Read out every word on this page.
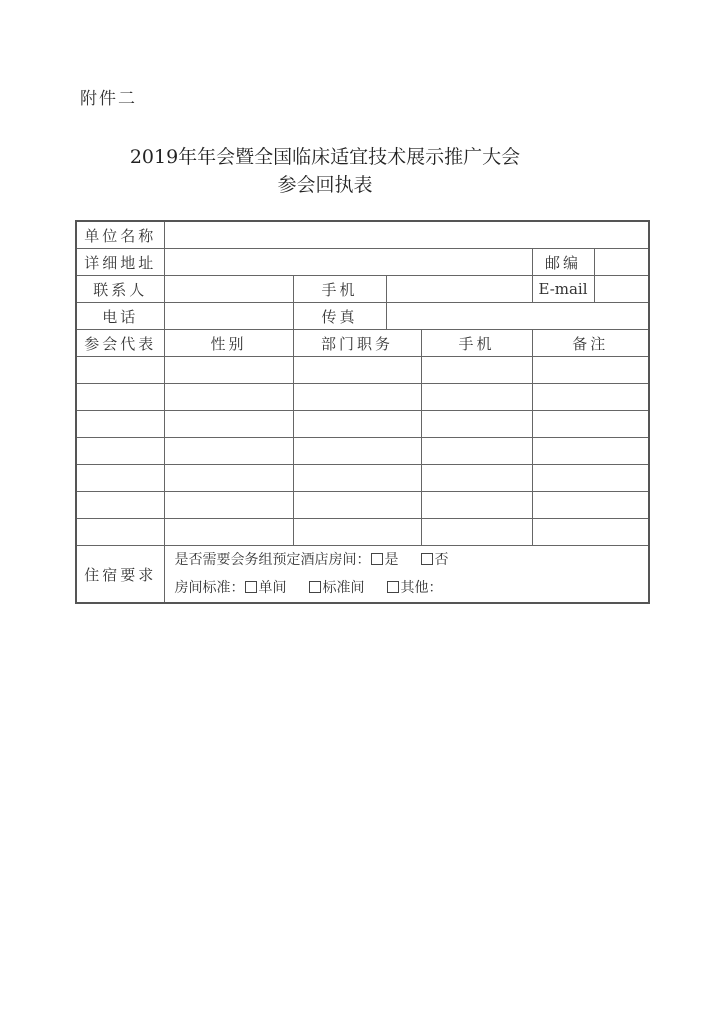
附件二
2019年年会暨全国临床适宜技术展示推广大会
参会回执表
单位名称						
详细地址					邮编	
联系人		手机			E-mail	
电话		传真				
参会代表	性别	部门职务		手机	备注	

住宿要求	是否需要会务组预定酒店房间： 是 否
房间标准： 单间 标准间 其他：					
